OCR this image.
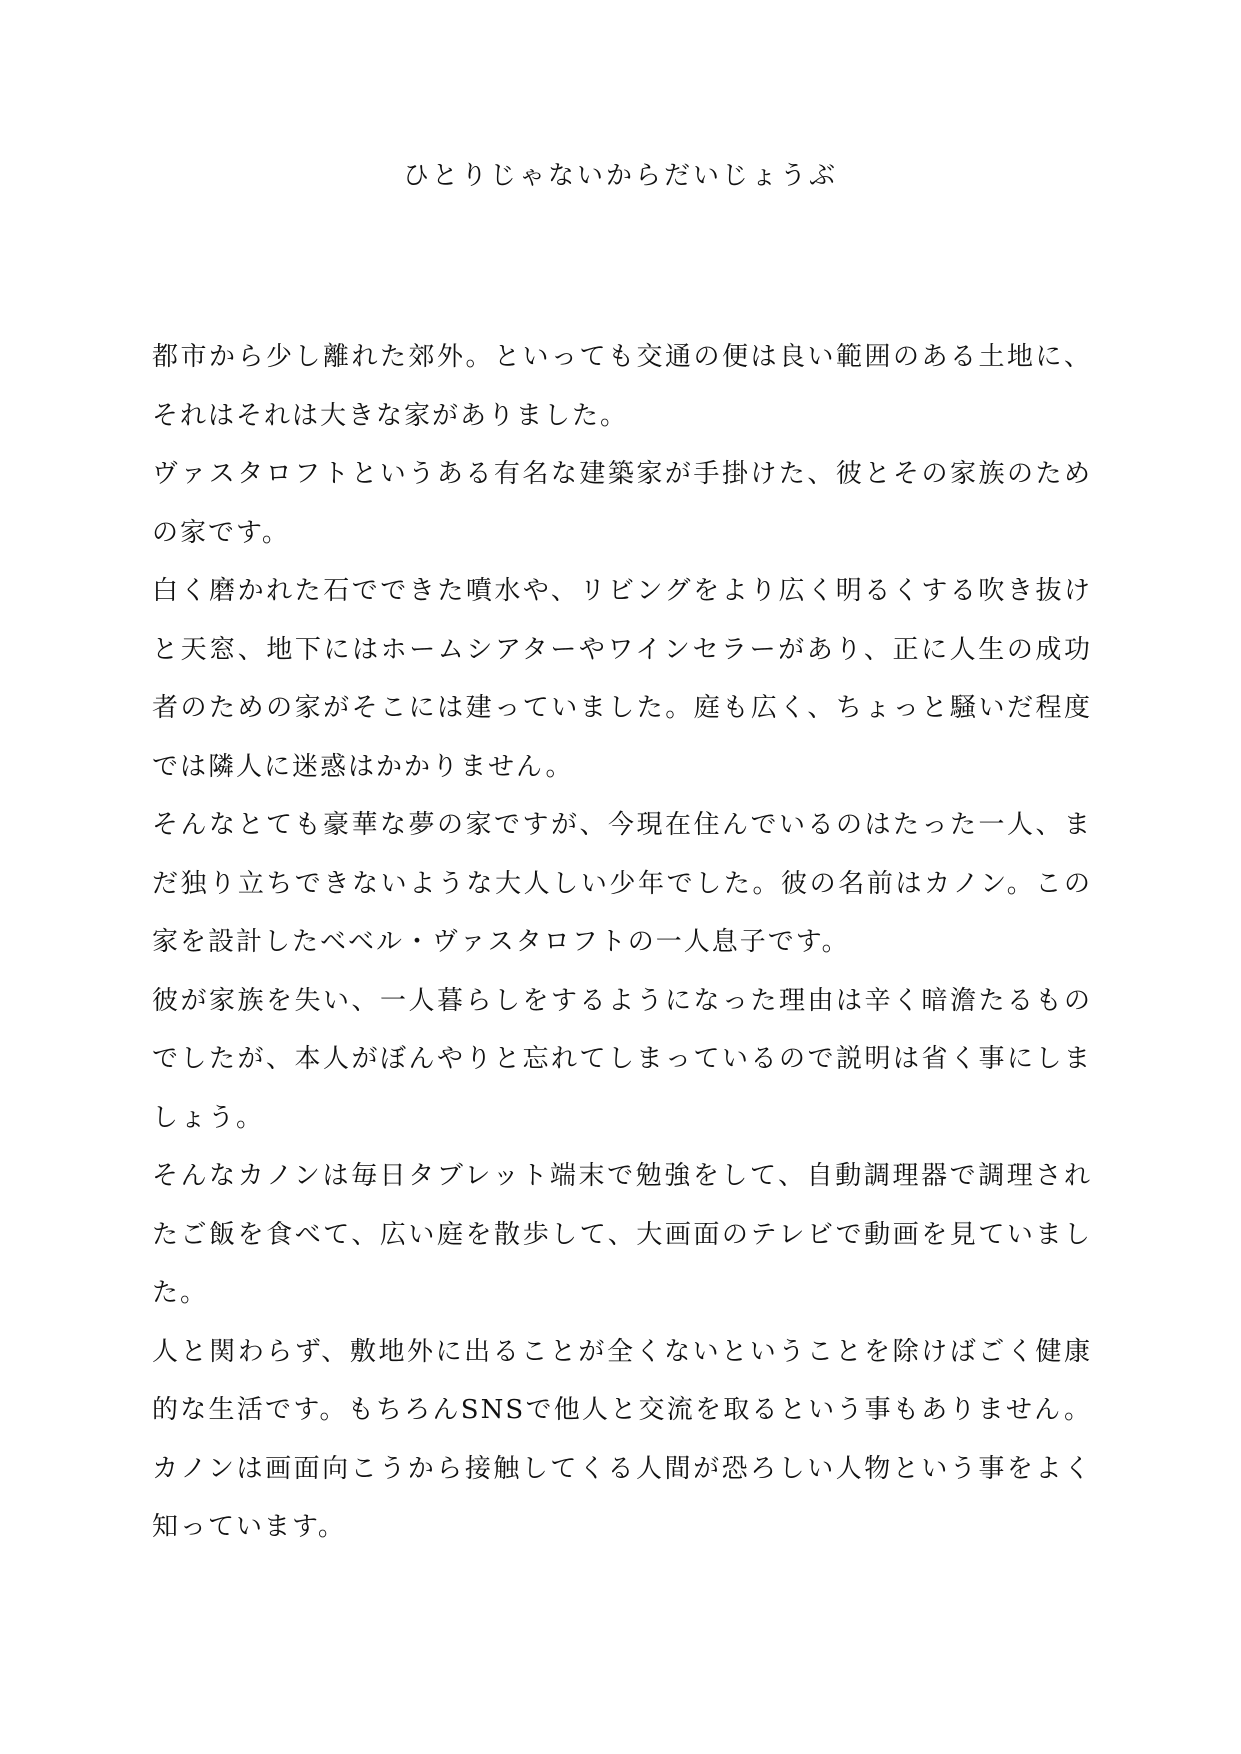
ひとりじゃないからだいじょうぶ

都市から少し離れた郊外。といっても交通の便は良い範囲のある土地に、それはそれは大きな家がありました。

ヴァスタロフトというある有名な建築家が手掛けた、彼とその家族のための家です。

白く磨かれた石でできた噴水や、リビングをより広く明るくする吹き抜けと天窓、地下にはホームシアターやワインセラーがあり、正に人生の成功者のための家がそこには建っていました。庭も広く、ちょっと騒いだ程度では隣人に迷惑はかかりません。

そんなとても豪華な夢の家ですが、今現在住んでいるのはたった一人、まだ独り立ちできないような大人しい少年でした。彼の名前はカノン。この家を設計したベベル・ヴァスタロフトの一人息子です。

彼が家族を失い、一人暮らしをするようになった理由は辛く暗澹たるものでしたが、本人がぼんやりと忘れてしまっているので説明は省く事にしましょう。

そんなカノンは毎日タブレット端末で勉強をして、自動調理器で調理されたご飯を食べて、広い庭を散歩して、大画面のテレビで動画を見ていました。

人と関わらず、敷地外に出ることが全くないということを除けばごく健康的な生活です。もちろんSNSで他人と交流を取るという事もありません。カノンは画面向こうから接触してくる人間が恐ろしい人物という事をよく知っています。
